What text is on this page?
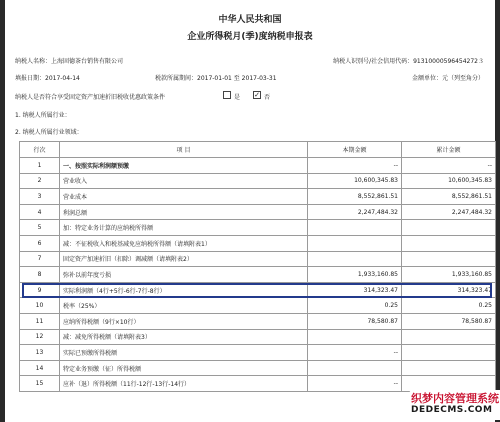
中华人民共和国
企业所得税月(季)度纳税申报表
纳税人名称：上海固德茶台销售有限公司	纳税人识别号/社会信用代码：91310000596454272３
填报日期：2017-04-14	税款所属期间：2017-01-01 至 2017-03-31	金额单位：元（列至角分）
纳税人是否符合享受固定资产加速折旧税收优惠政策条件	是 ✓ 否
1. 纳税人所属行业：
2. 纳税人所属行业领域：
行次	项 目	本期金额	累计金额
1	一、按照实际利润额预缴	--	--
2	营业收入	10,600,345.83	10,600,345.83
3	营业成本	8,552,861.51	8,552,861.51
4	利润总额	2,247,484.32	2,247,484.32
5	加：特定业务计算的应纳税所得额		
6	减：不征税收入和税基减免应纳税所得额（请填附表1）		
7	固定资产加速折旧（扣除）调减额（请填附表2）		
8	弥补以前年度亏损	1,933,160.85	1,933,160.85
9	实际利润额（4行+5行-6行-7行-8行）	314,323.47	314,323.47
10	税率（25%）	0.25	0.25
11	应纳所得税额（9行×10行）	78,580.87	78,580.87
12	减：减免所得税额（请填附表3）		
13	实际已预缴所得税额	--	
14	特定业务预缴（征）所得税额		
15	应补（退）所得税额（11行-12行-13行-14行）	--	
织梦内容管理系统
DEDECMS.COM
